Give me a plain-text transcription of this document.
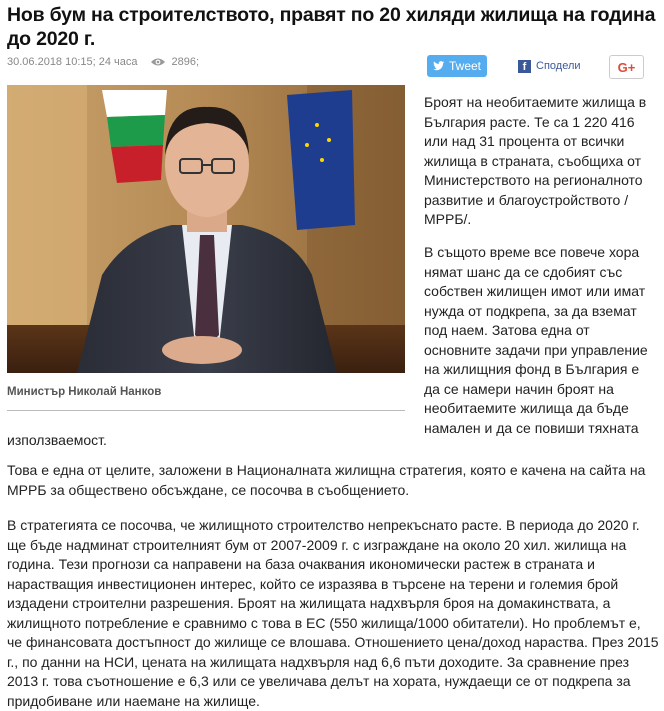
Нов бум на строителството, правят по 20 хиляди жилища на година до 2020 г.
30.06.2018 10:15; 24 часа	2896;	Tweet	f Сподели	G+
Министър Николай Нанков

Броят на необитаемите жилища в България расте. Те са 1 220 416 или над 31 процента от всички жилища в страната, съобщиха от Министерството на регионалното развитие и благоустройството /МРРБ/.

В същото време все повече хора нямат шанс да се сдобият със собствен жилищен имот или имат нужда от подкрепа, за да вземат под наем. Затова една от основните задачи при управление на жилищния фонд в България е да се намери начин броят на необитаемите жилища да бъде намален и да се повиши тяхната

използваемост.

Това е една от целите, заложени в Националната жилищна стратегия, която е качена на сайта на МРРБ за обществено обсъждане, се посочва в съобщението.

В стратегията се посочва, че жилищното строителство непрекъснато расте. В периода до 2020 г. ще бъде надминат строителният бум от 2007-2009 г. с изграждане на около 20 хил. жилища на година. Тези прогнози са направени на база очаквания икономически растеж в страната и нарастващия инвестиционен интерес, който се изразява в търсене на терени и големия брой издадени строителни разрешения. Броят на жилищата надхвърля броя на домакинствата, а жилищното потребление е сравнимо с това в ЕС (550 жилища/1000 обитатели). Но проблемът е, че финансовата достъпност до жилище се влошава. Отношението цена/доход нараства. През 2015 г., по данни на НСИ, цената на жилищата надхвърля над 6,6 пъти доходите. За сравнение през 2013 г. това съотношение е 6,3 или се увеличава делът на хората, нуждаещи се от подкрепа за придобиване или наемане на жилище.
